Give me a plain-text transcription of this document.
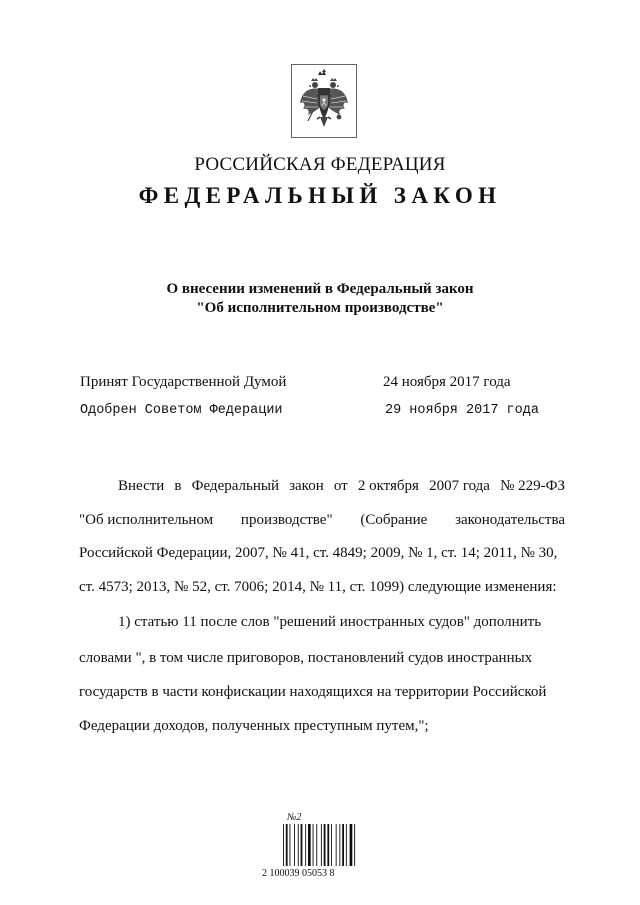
РОССИЙСКАЯ ФЕДЕРАЦИЯ
ФЕДЕРАЛЬНЫЙ ЗАКОН
О внесении изменений в Федеральный закон
"Об исполнительном производстве"
Принят Государственной Думой	24 ноября 2017 года
Одобрен Советом Федерации	29 ноября 2017 года
Внести в Федеральный закон от 2 октября 2007 года № 229-ФЗ
"Об исполнительном производстве" (Собрание законодательства
Российской Федерации, 2007, № 41, ст. 4849; 2009, № 1, ст. 14; 2011, № 30,
ст. 4573; 2013, № 52, ст. 7006; 2014, № 11, ст. 1099) следующие изменения:
1) статью 11 после слов "решений иностранных судов" дополнить
словами ", в том числе приговоров, постановлений судов иностранных
государств в части конфискации находящихся на территории Российской
Федерации доходов, полученных преступным путем,";
№2
2 100039 05053 8
